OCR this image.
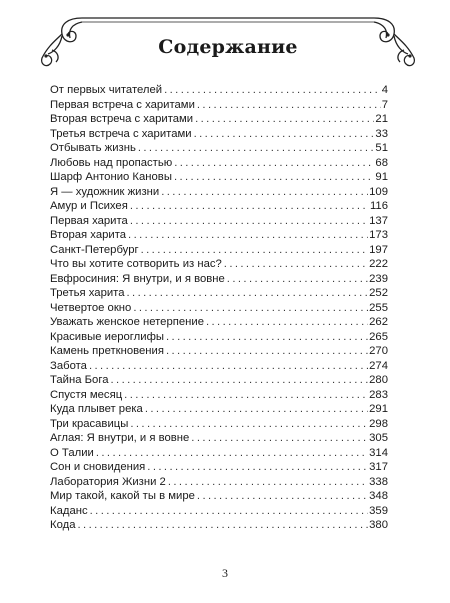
Содержание
От первых читателей .....	4
Первая встреча с харитами .....	7
Вторая встреча с харитами .....	21
Третья встреча с харитами .....	33
Отбывать жизнь .....	51
Любовь над пропастью .....	68
Шарф Антонио Кановы .....	91
Я — художник жизни .....	109
Амур и Психея .....	116
Первая харита .....	137
Вторая харита .....	173
Санкт-Петербург .....	197
Что вы хотите сотворить из нас? .....	222
Евфросиния: Я внутри, и я вовне .....	239
Третья харита .....	252
Четвертое окно .....	255
Уважать женское нетерпение .....	262
Красивые иероглифы .....	265
Камень преткновения .....	270
Забота .....	274
Тайна Бога .....	280
Спустя месяц .....	283
Куда плывет река .....	291
Три красавицы .....	298
Аглая: Я внутри, и я вовне .....	305
О Талии .....	314
Сон и сновидения .....	317
Лаборатория Жизни 2 .....	338
Мир такой, какой ты в мире .....	348
Каданс .....	359
Кода .....	380
3
